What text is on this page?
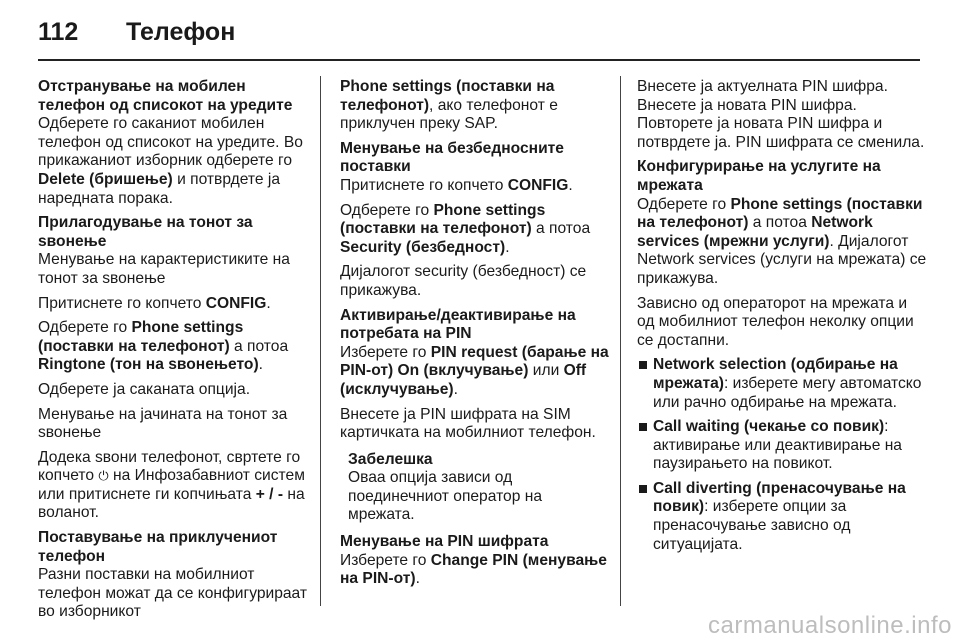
112	Телефон
Отстранување на мобилен телефон од списокот на уредите

Одберете го саканиот мобилен телефон од списокот на уредите. Во прикажаниот изборник одберете го Delete (бришење) и потврдете ја наредната порака.

Прилагодување на тонот за ѕвонење

Менување на карактеристиките на тонот за ѕвонење

Притиснете го копчето CONFIG.

Одберете го Phone settings (поставки на телефонот) а потоа Ringtone (тон на ѕвонењето).

Одберете ја саканата опција.

Менување на јачината на тонот за ѕвонење

Додека ѕвони телефонот, свртете го копчето ⏻ на Инфозабавниот систем или притиснете ги копчињата + / - на воланот.

Поставување на приклучениот телефон

Разни поставки на мобилниот телефон можат да се конфигурираат во изборникот

Phone settings (поставки на телефонот), ако телефонот е приклучен преку SAP.

Менување на безбедносните поставки

Притиснете го копчето CONFIG.

Одберете го Phone settings (поставки на телефонот) а потоа Security (безбедност).

Дијалогот security (безбедност) се прикажува.

Активирање/деактивирање на потребата на PIN

Изберете го PIN request (барање на PIN-от) On (вклучување) или Off (исклучување).

Внесете ја PIN шифрата на SIM картичката на мобилниот телефон.

Забелешка
Оваа опција зависи од поединечниот оператор на мрежата.
Менување на PIN шифрата

Изберете го Change PIN (менување на PIN-от).

Внесете ја актуелната PIN шифра. Внесете ја новата PIN шифра. Повторете ја новата PIN шифра и потврдете ја. PIN шифрата се сменила.

Конфигурирање на услугите на мрежата

Одберете го Phone settings (поставки на телефонот) а потоа Network services (мрежни услуги). Дијалогот Network services (услуги на мрежата) се прикажува.

Зависно од операторот на мрежата и од мобилниот телефон неколку опции се достапни.

Network selection (одбирање на мрежата): изберете мегу автоматско или рачно одбирање на мрежата.
Call waiting (чекање со повик): активирање или деактивирање на паузирањето на повикот.
Call diverting (пренасочување на повик): изберете опции за пренасочување зависно од ситуацијата.
carmanualsonline.info
